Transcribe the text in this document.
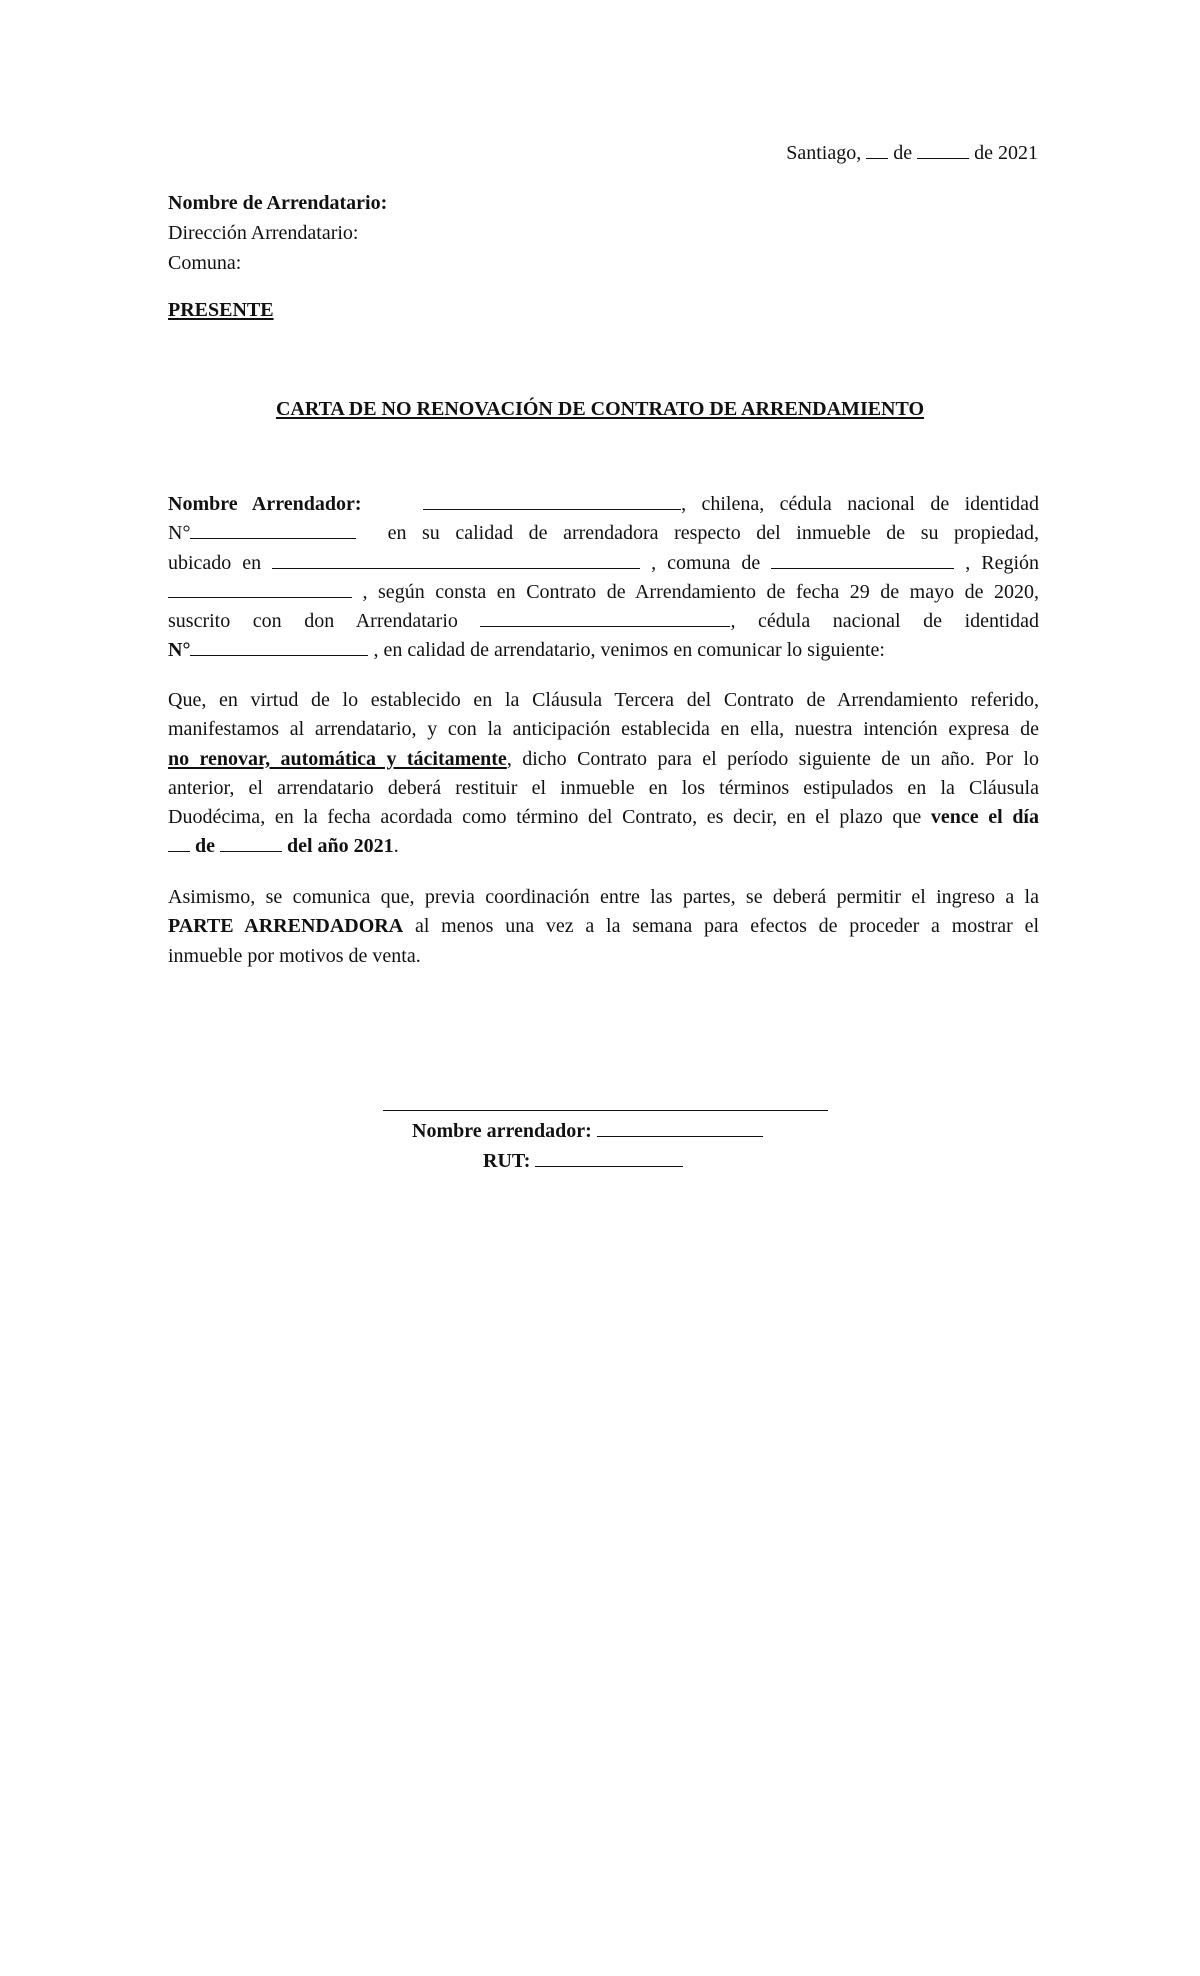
Santiago, de	de 2021
Nombre de Arrendatario:
Dirección Arrendatario:
Comuna:
PRESENTE
CARTA DE NO RENOVACIÓN DE CONTRATO DE ARRENDAMIENTO
Nombre Arrendador:	, chilena, cédula nacional de identidad
N°	en su calidad de arrendadora respecto del inmueble de su propiedad,
ubicado en	, comuna de	, Región
, según consta en Contrato de Arrendamiento de fecha 29 de mayo de 2020,
suscrito con don Arrendatario	, cédula nacional de identidad
N°	, en calidad de arrendatario, venimos en comunicar lo siguiente:
Que, en virtud de lo establecido en la Cláusula Tercera del Contrato de Arrendamiento referido,
manifestamos al arrendatario, y con la anticipación establecida en ella, nuestra intención expresa de
no renovar, automática y tácitamente, dicho Contrato para el período siguiente de un año. Por lo
anterior, el arrendatario deberá restituir el inmueble en los términos estipulados en la Cláusula
Duodécima, en la fecha acordada como término del Contrato, es decir, en el plazo que vence el día
de	del año 2021.
Asimismo, se comunica que, previa coordinación entre las partes, se deberá permitir el ingreso a la
PARTE ARRENDADORA al menos una vez a la semana para efectos de proceder a mostrar el
inmueble por motivos de venta.
Nombre arrendador:
RUT:
